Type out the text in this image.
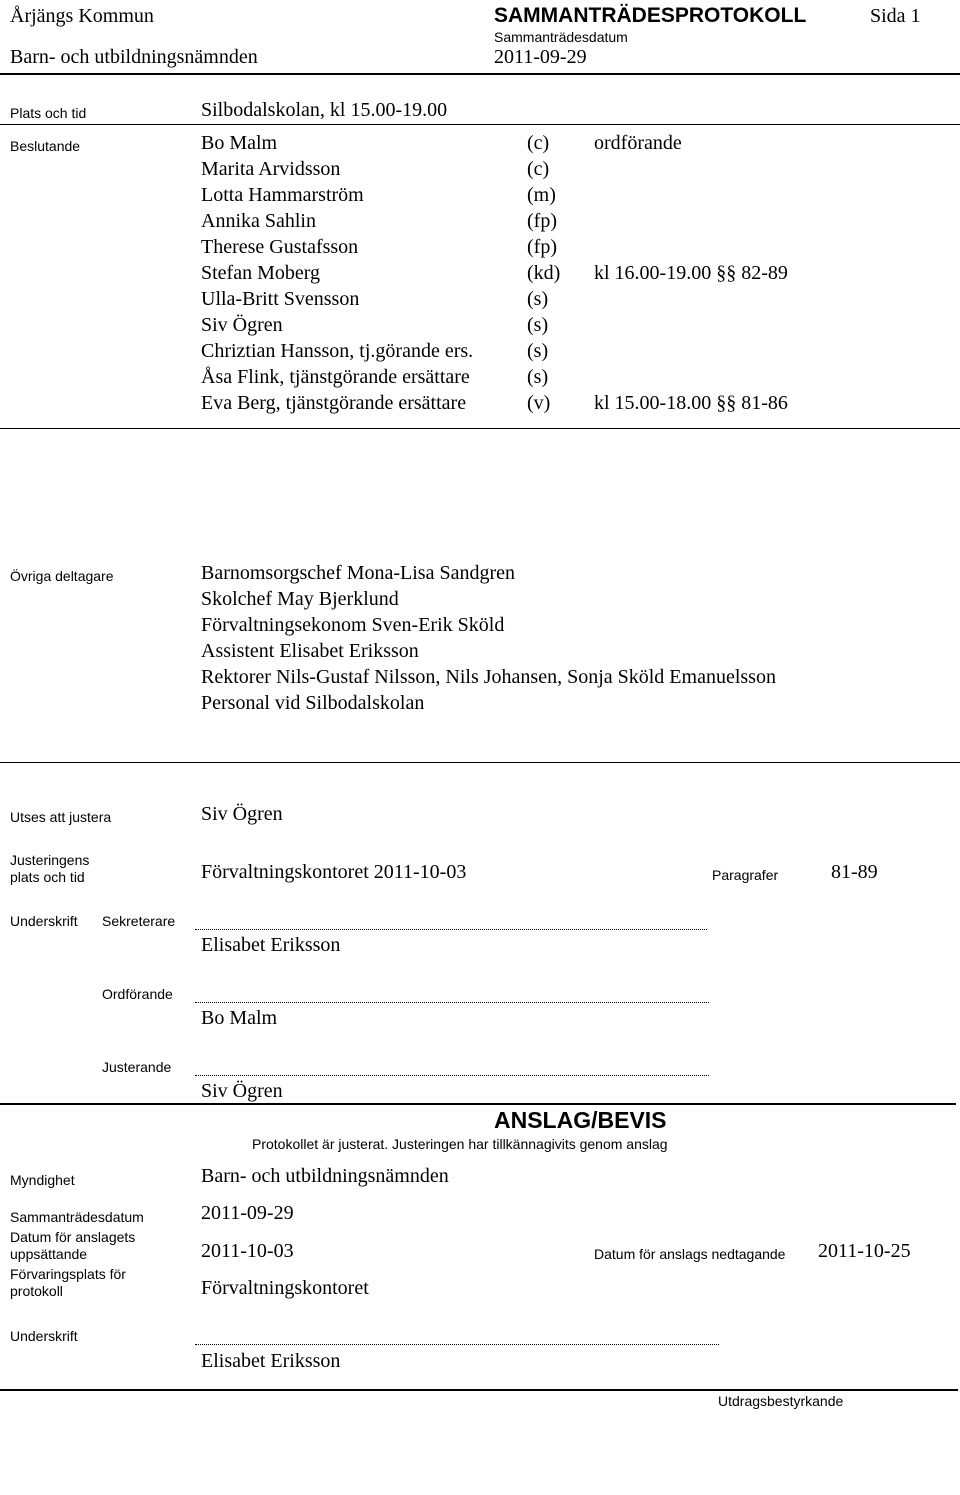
Årjängs Kommun	SAMMANTRÄDESPROTOKOLL	Sida 1
Sammanträdesdatum
Barn- och utbildningsnämnden	2011-09-29
Plats och tid	Silbodalskolan, kl 15.00-19.00
Beslutande	Bo Malm	(c) ordförande
Marita Arvidsson	(c)
Lotta Hammarström	(m)
Annika Sahlin	(fp)
Therese Gustafsson	(fp)
Stefan Moberg	(kd) kl 16.00-19.00 §§ 82-89
Ulla-Britt Svensson	(s)
Siv Ögren	(s)
Chriztian Hansson, tj.görande ers.	(s)
Åsa Flink, tjänstgörande ersättare	(s)
Eva Berg, tjänstgörande ersättare	(v) kl 15.00-18.00 §§ 81-86
Övriga deltagare	Barnomsorgschef Mona-Lisa Sandgren
Skolchef May Bjerklund
Förvaltningsekonom Sven-Erik Sköld
Assistent Elisabet Eriksson
Rektorer Nils-Gustaf Nilsson, Nils Johansen, Sonja Sköld Emanuelsson
Personal vid Silbodalskolan
Utses att justera	Siv Ögren
Justeringens
plats och tid	Förvaltningskontoret 2011-10-03	Paragrafer	81-89
Underskrift Sekreterare
Elisabet Eriksson
Ordförande
Bo Malm
Justerande
Siv Ögren
ANSLAG/BEVIS
Protokollet är justerat. Justeringen har tillkännagivits genom anslag
Myndighet	Barn- och utbildningsnämnden
Sammanträdesdatum	2011-09-29
Datum för anslagets
uppsättande	2011-10-03	Datum för anslags nedtagande 2011-10-25
Förvaringsplats för
protokoll	Förvaltningskontoret
Underskrift
Elisabet Eriksson
Utdragsbestyrkande
